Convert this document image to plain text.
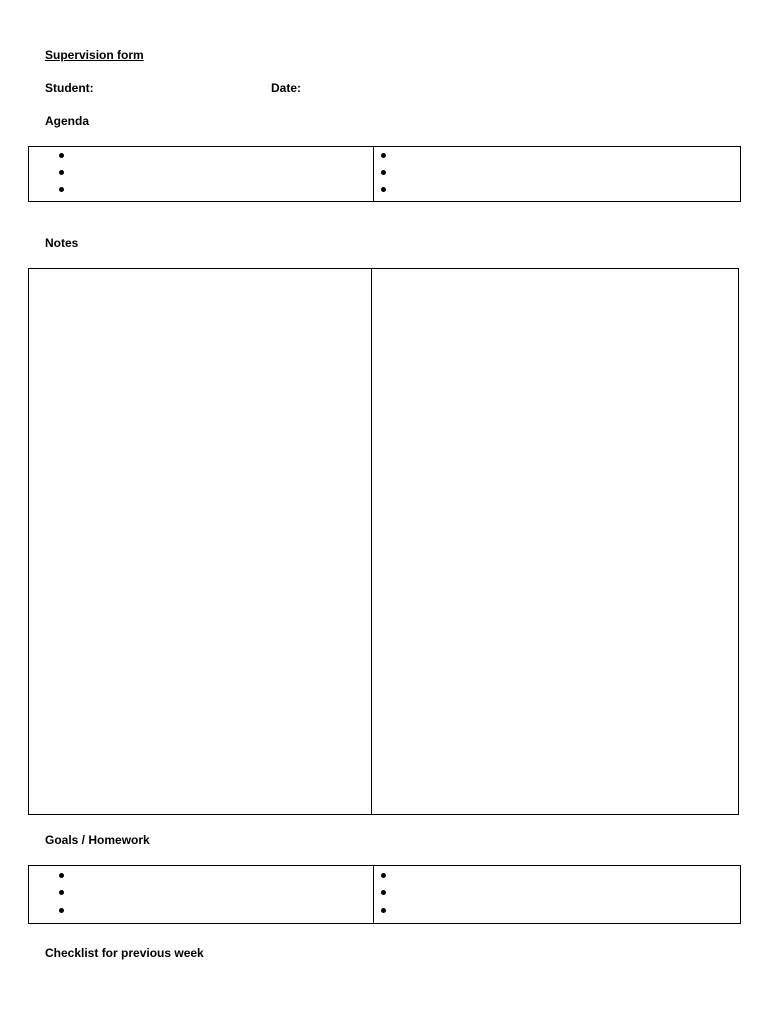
Supervision form
Student:	Date:
Agenda
Notes
Goals / Homework
Checklist for previous week
